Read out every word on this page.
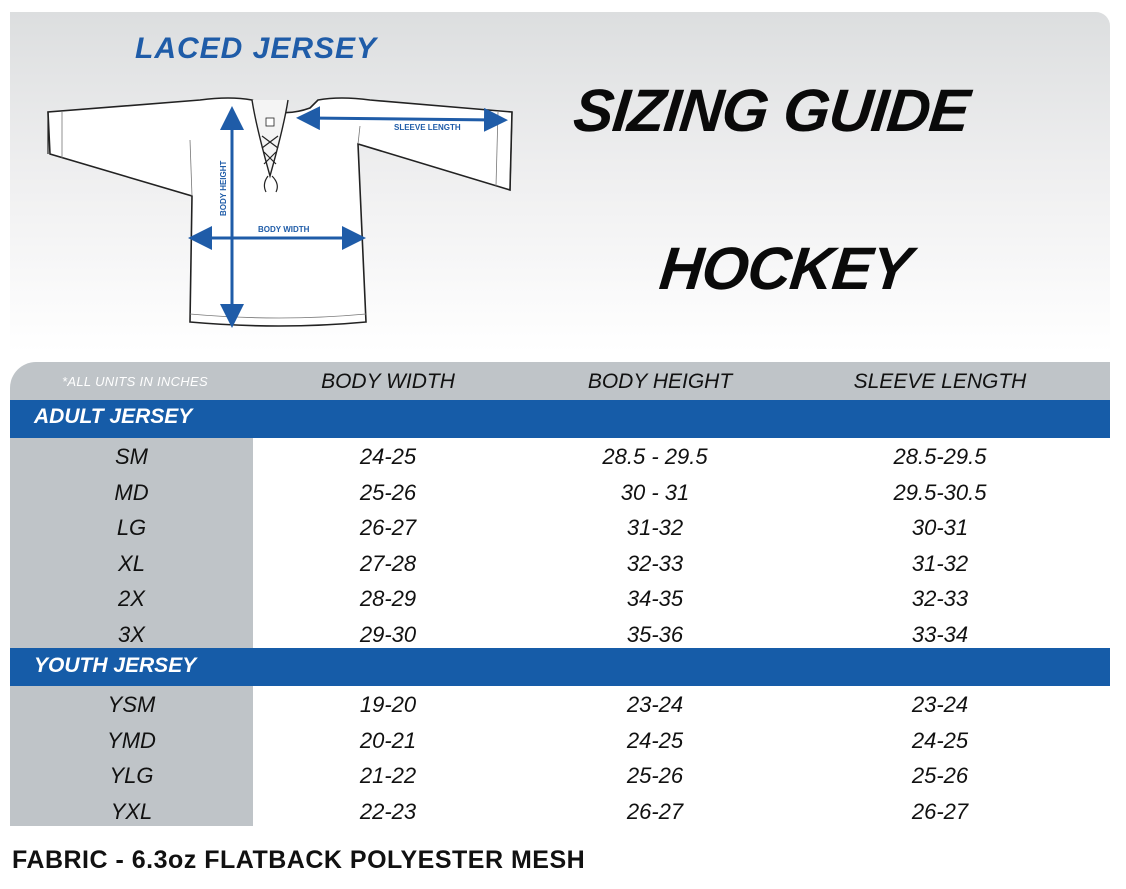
LACED JERSEY
SIZING GUIDE
HOCKEY
SLEEVE LENGTH
BODY WIDTH
BODY HEIGHT
*ALL UNITS IN INCHES	BODY WIDTH	BODY HEIGHT	SLEEVE LENGTH
ADULT JERSEY
YOUTH JERSEY
SM	24-25	28.5 - 29.5	28.5-29.5
MD	25-26	30 - 31	29.5-30.5
LG	26-27	31-32	30-31
XL	27-28	32-33	31-32
2X	28-29	34-35	32-33
3X	29-30	35-36	33-34
YSM	19-20	23-24	23-24
YMD	20-21	24-25	24-25
YLG	21-22	25-26	25-26
YXL	22-23	26-27	26-27
FABRIC - 6.3oz FLATBACK POLYESTER MESH
